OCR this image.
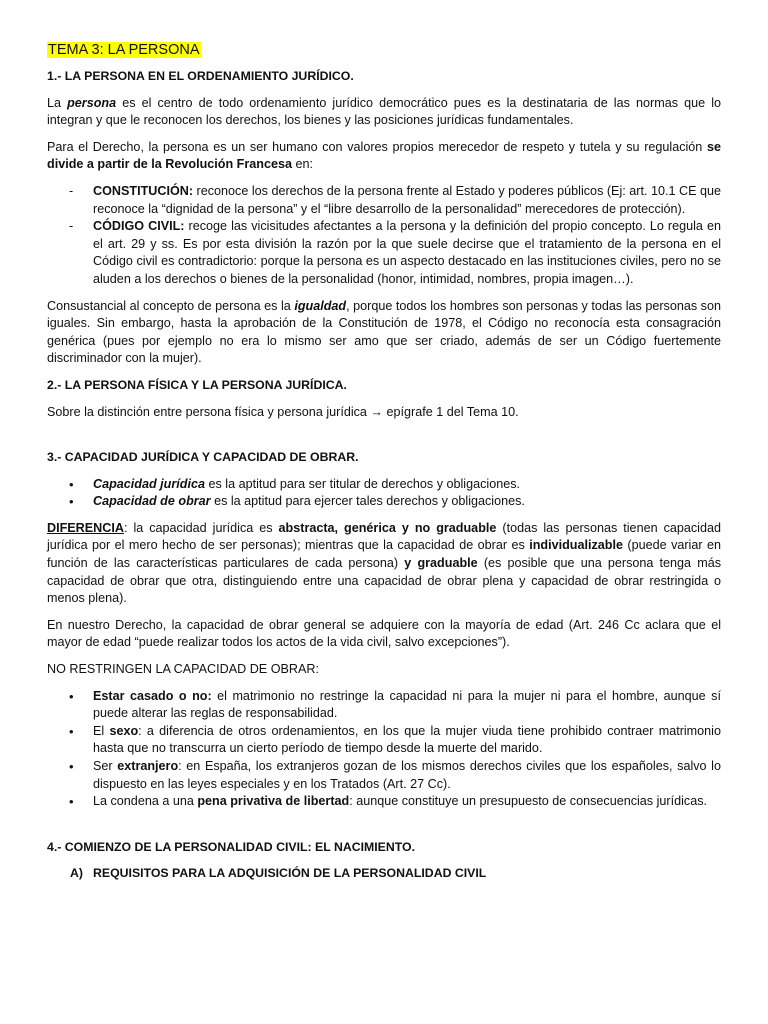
TEMA 3: LA PERSONA
1.- LA PERSONA EN EL ORDENAMIENTO JURÍDICO.

La persona es el centro de todo ordenamiento jurídico democrático pues es la destinataria de las normas que lo integran y que le reconocen los derechos, los bienes y las posiciones jurídicas fundamentales.

Para el Derecho, la persona es un ser humano con valores propios merecedor de respeto y tutela y su regulación se divide a partir de la Revolución Francesa en:

-	CONSTITUCIÓN: reconoce los derechos de la persona frente al Estado y poderes públicos (Ej: art. 10.1 CE que reconoce la “dignidad de la persona” y el “libre desarrollo de la personalidad” merecedores de protección).
-	CÓDIGO CIVIL: recoge las vicisitudes afectantes a la persona y la definición del propio concepto. Lo regula en el art. 29 y ss. Es por esta división la razón por la que suele decirse que el tratamiento de la persona en el Código civil es contradictorio: porque la persona es un aspecto destacado en las instituciones civiles, pero no se aluden a los derechos o bienes de la personalidad (honor, intimidad, nombres, propia imagen…).

Consustancial al concepto de persona es la igualdad, porque todos los hombres son personas y todas las personas son iguales. Sin embargo, hasta la aprobación de la Constitución de 1978, el Código no reconocía esta consagración genérica (pues por ejemplo no era lo mismo ser amo que ser criado, además de ser un Código fuertemente discriminador con la mujer).

2.- LA PERSONA FÍSICA Y LA PERSONA JURÍDICA.

Sobre la distinción entre persona física y persona jurídica → epígrafe 1 del Tema 10.

3.- CAPACIDAD JURÍDICA Y CAPACIDAD DE OBRAR.
•	Capacidad jurídica es la aptitud para ser titular de derechos y obligaciones.
•	Capacidad de obrar es la aptitud para ejercer tales derechos y obligaciones.

DIFERENCIA: la capacidad jurídica es abstracta, genérica y no graduable (todas las personas tienen capacidad jurídica por el mero hecho de ser personas); mientras que la capacidad de obrar es individualizable (puede variar en función de las características particulares de cada persona) y graduable (es posible que una persona tenga más capacidad de obrar que otra, distinguiendo entre una capacidad de obrar plena y capacidad de obrar restringida o menos plena).

En nuestro Derecho, la capacidad de obrar general se adquiere con la mayoría de edad (Art. 246 Cc aclara que el mayor de edad “puede realizar todos los actos de la vida civil, salvo excepciones”).

NO RESTRINGEN LA CAPACIDAD DE OBRAR:

•	Estar casado o no: el matrimonio no restringe la capacidad ni para la mujer ni para el hombre, aunque sí puede alterar las reglas de responsabilidad.
•	El sexo: a diferencia de otros ordenamientos, en los que la mujer viuda tiene prohibido contraer matrimonio hasta que no transcurra un cierto período de tiempo desde la muerte del marido.
•	Ser extranjero: en España, los extranjeros gozan de los mismos derechos civiles que los españoles, salvo lo dispuesto en las leyes especiales y en los Tratados (Art. 27 Cc).
•	La condena a una pena privativa de libertad: aunque constituye un presupuesto de consecuencias jurídicas.
4.- COMIENZO DE LA PERSONALIDAD CIVIL: EL NACIMIENTO.
A) REQUISITOS PARA LA ADQUISICIÓN DE LA PERSONALIDAD CIVIL
